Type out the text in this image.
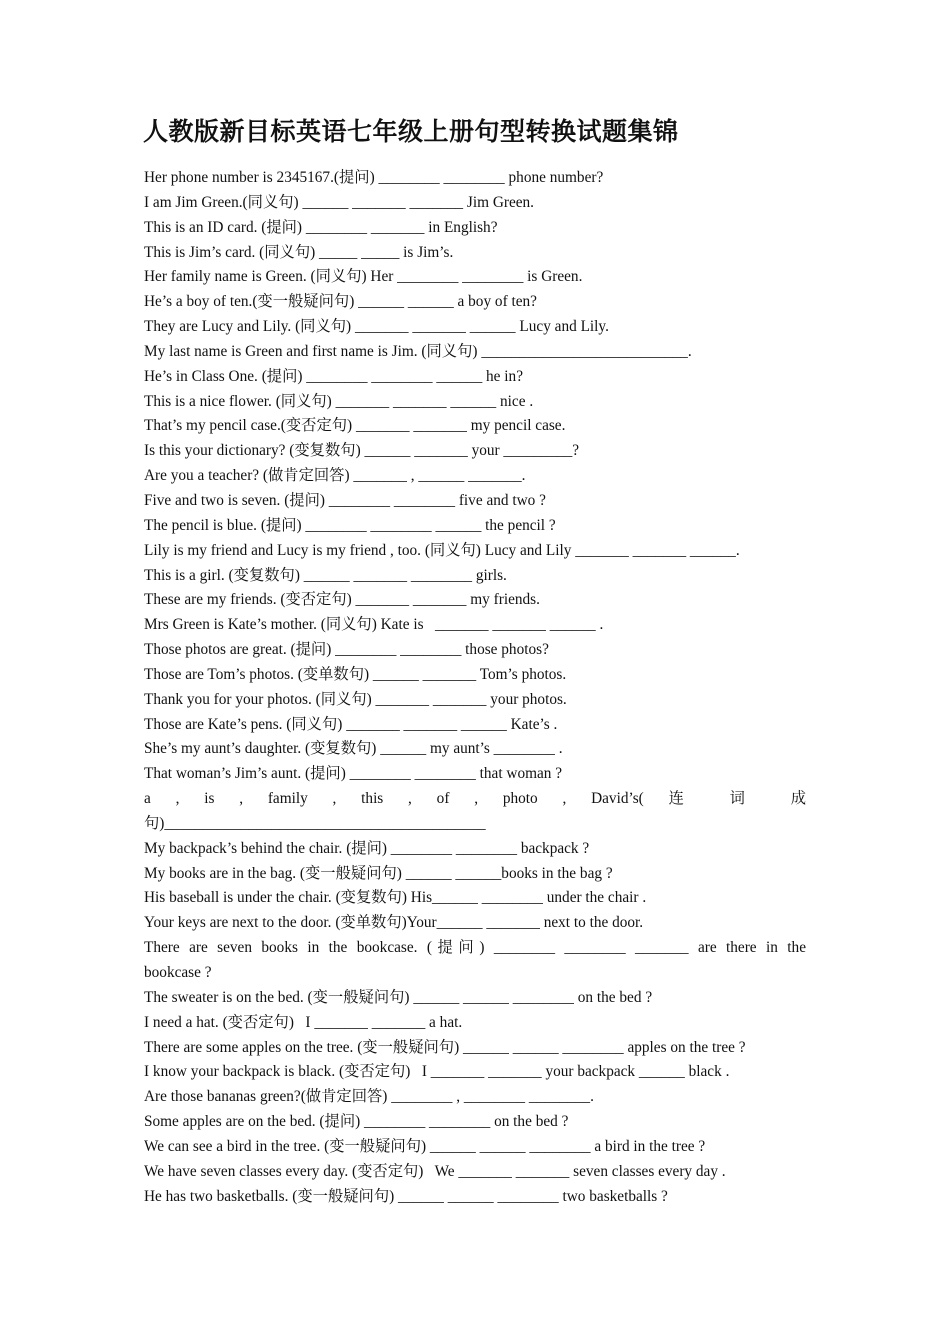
人教版新目标英语七年级上册句型转换试题集锦
Her phone number is 2345167.(提问) ________ ________ phone number?
I am Jim Green.(同义句) ______ _______ _______ Jim Green.
This is an ID card. (提问) ________ _______ in English?
This is Jim’s card. (同义句) _____ _____ is Jim’s.
Her family name is Green. (同义句) Her ________ ________ is Green.
He’s a boy of ten.(变一般疑问句) ______ ______ a boy of ten?
They are Lucy and Lily. (同义句) _______ _______ ______ Lucy and Lily.
My last name is Green and first name is Jim. (同义句) ___________________________.
He’s in Class One. (提问) ________ ________ ______ he in?
This is a nice flower. (同义句) _______ _______ ______ nice .
That’s my pencil case.(变否定句) _______ _______ my pencil case.
Is this your dictionary? (变复数句) ______ _______ your _________?
Are you a teacher? (做肯定回答) _______ , ______ _______.
Five and two is seven. (提问) ________ ________ five and two ?
The pencil is blue. (提问) ________ ________ ______ the pencil ?
Lily is my friend and Lucy is my friend , too. (同义句) Lucy and Lily _______ _______ ______.
This is a girl. (变复数句) ______ _______ ________ girls.
These are my friends. (变否定句) _______ _______ my friends.
Mrs Green is Kate’s mother. (同义句) Kate is   _______ _______ ______ .
Those photos are great. (提问) ________ ________ those photos?
Those are Tom’s photos. (变单数句) ______ _______ Tom’s photos.
Thank you for your photos. (同义句) _______ _______ your photos.
Those are Kate’s pens. (同义句) _______ _______ ______ Kate’s .
She’s my aunt’s daughter. (变复数句) ______ my aunt’s ________ .
That woman’s Jim’s aunt. (提问) ________ ________ that woman ?
a , is , family , this , of , photo , David’s( 连 词 成
句)__________________________________________
My backpack’s behind the chair. (提问) ________ ________ backpack ?
My books are in the bag. (变一般疑问句) ______ ______books in the bag ?
His baseball is under the chair. (变复数句) His______ ________ under the chair .
Your keys are next to the door. (变单数句)Your______ _______ next to the door.
There are seven books in the bookcase. (提问) ________ ________ _______ are there in the
bookcase ?
The sweater is on the bed. (变一般疑问句) ______ ______ ________ on the bed ?
I need a hat. (变否定句)   I _______ _______ a hat.
There are some apples on the tree. (变一般疑问句) ______ ______ ________ apples on the tree ?
I know your backpack is black. (变否定句)   I _______ _______ your backpack ______ black .
Are those bananas green?(做肯定回答) ________ , ________ ________.
Some apples are on the bed. (提问) ________ ________ on the bed ?
We can see a bird in the tree. (变一般疑问句) ______ ______ ________ a bird in the tree ?
We have seven classes every day. (变否定句)   We _______ _______ seven classes every day .
He has two basketballs. (变一般疑问句) ______ ______ ________ two basketballs ?
